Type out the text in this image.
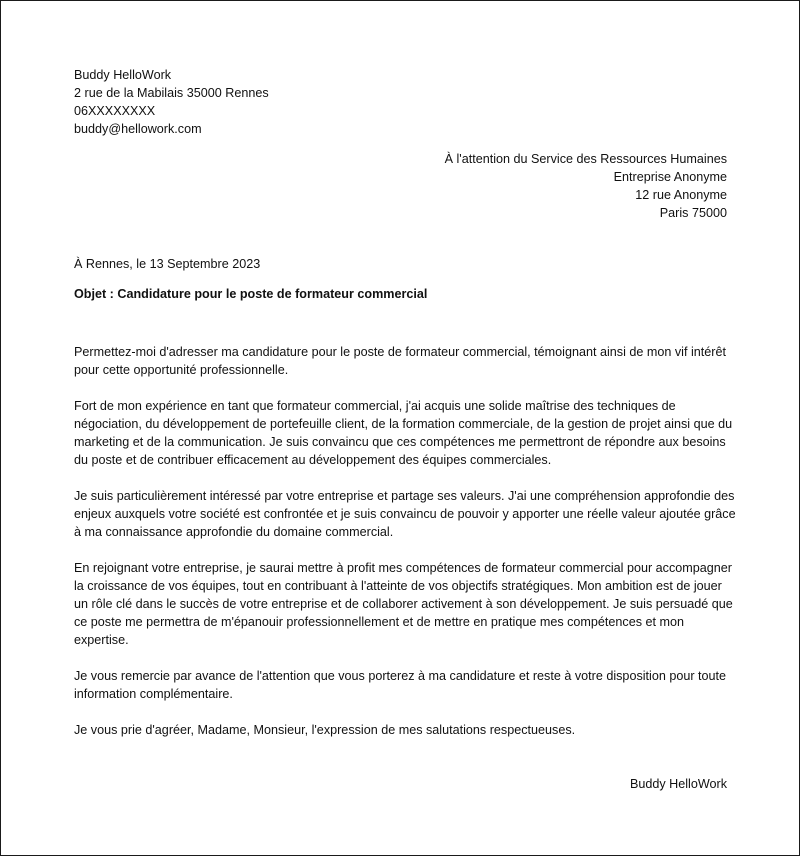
Buddy HelloWork
2 rue de la Mabilais 35000 Rennes
06XXXXXXXX
buddy@hellowork.com
À l'attention du Service des Ressources Humaines
Entreprise Anonyme
12 rue Anonyme
Paris 75000
À Rennes, le 13 Septembre 2023
Objet : Candidature pour le poste de formateur commercial

Permettez-moi d'adresser ma candidature pour le poste de formateur commercial, témoignant ainsi de mon vif intérêt pour cette opportunité professionnelle.

Fort de mon expérience en tant que formateur commercial, j'ai acquis une solide maîtrise des techniques de négociation, du développement de portefeuille client, de la formation commerciale, de la gestion de projet ainsi que du marketing et de la communication. Je suis convaincu que ces compétences me permettront de répondre aux besoins du poste et de contribuer efficacement au développement des équipes commerciales.

Je suis particulièrement intéressé par votre entreprise et partage ses valeurs. J'ai une compréhension approfondie des enjeux auxquels votre société est confrontée et je suis convaincu de pouvoir y apporter une réelle valeur ajoutée grâce à ma connaissance approfondie du domaine commercial.

En rejoignant votre entreprise, je saurai mettre à profit mes compétences de formateur commercial pour accompagner la croissance de vos équipes, tout en contribuant à l'atteinte de vos objectifs stratégiques. Mon ambition est de jouer un rôle clé dans le succès de votre entreprise et de collaborer activement à son développement. Je suis persuadé que ce poste me permettra de m'épanouir professionnellement et de mettre en pratique mes compétences et mon expertise.

Je vous remercie par avance de l'attention que vous porterez à ma candidature et reste à votre disposition pour toute information complémentaire.

Je vous prie d'agréer, Madame, Monsieur, l'expression de mes salutations respectueuses.

Buddy HelloWork
